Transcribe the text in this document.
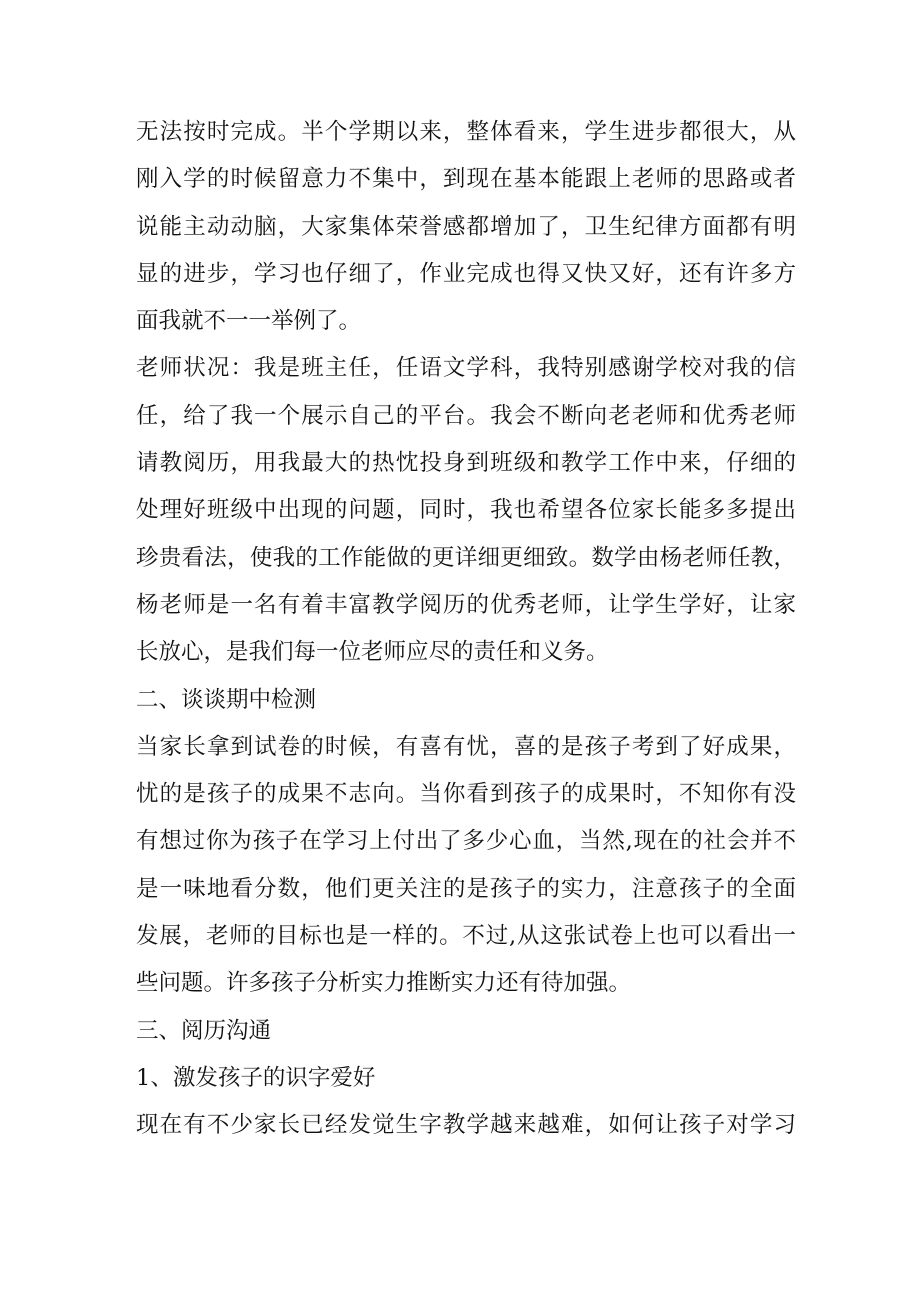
无法按时完成。半个学期以来，整体看来，学生进步都很大，从
刚入学的时候留意力不集中，到现在基本能跟上老师的思路或者
说能主动动脑，大家集体荣誉感都增加了，卫生纪律方面都有明
显的进步，学习也仔细了，作业完成也得又快又好，还有许多方
面我就不一一举例了。
老师状况：我是班主任，任语文学科，我特别感谢学校对我的信
任，给了我一个展示自己的平台。我会不断向老老师和优秀老师
请教阅历，用我最大的热忱投身到班级和教学工作中来，仔细的
处理好班级中出现的问题，同时，我也希望各位家长能多多提出
珍贵看法，使我的工作能做的更详细更细致。数学由杨老师任教，
杨老师是一名有着丰富教学阅历的优秀老师，让学生学好，让家
长放心，是我们每一位老师应尽的责任和义务。
二、谈谈期中检测
当家长拿到试卷的时候，有喜有忧，喜的是孩子考到了好成果，
忧的是孩子的成果不志向。当你看到孩子的成果时，不知你有没
有想过你为孩子在学习上付出了多少心血，当然,现在的社会并不
是一味地看分数，他们更关注的是孩子的实力，注意孩子的全面
发展，老师的目标也是一样的。不过,从这张试卷上也可以看出一
些问题。许多孩子分析实力推断实力还有待加强。
三、阅历沟通
1、激发孩子的识字爱好
现在有不少家长已经发觉生字教学越来越难，如何让孩子对学习
